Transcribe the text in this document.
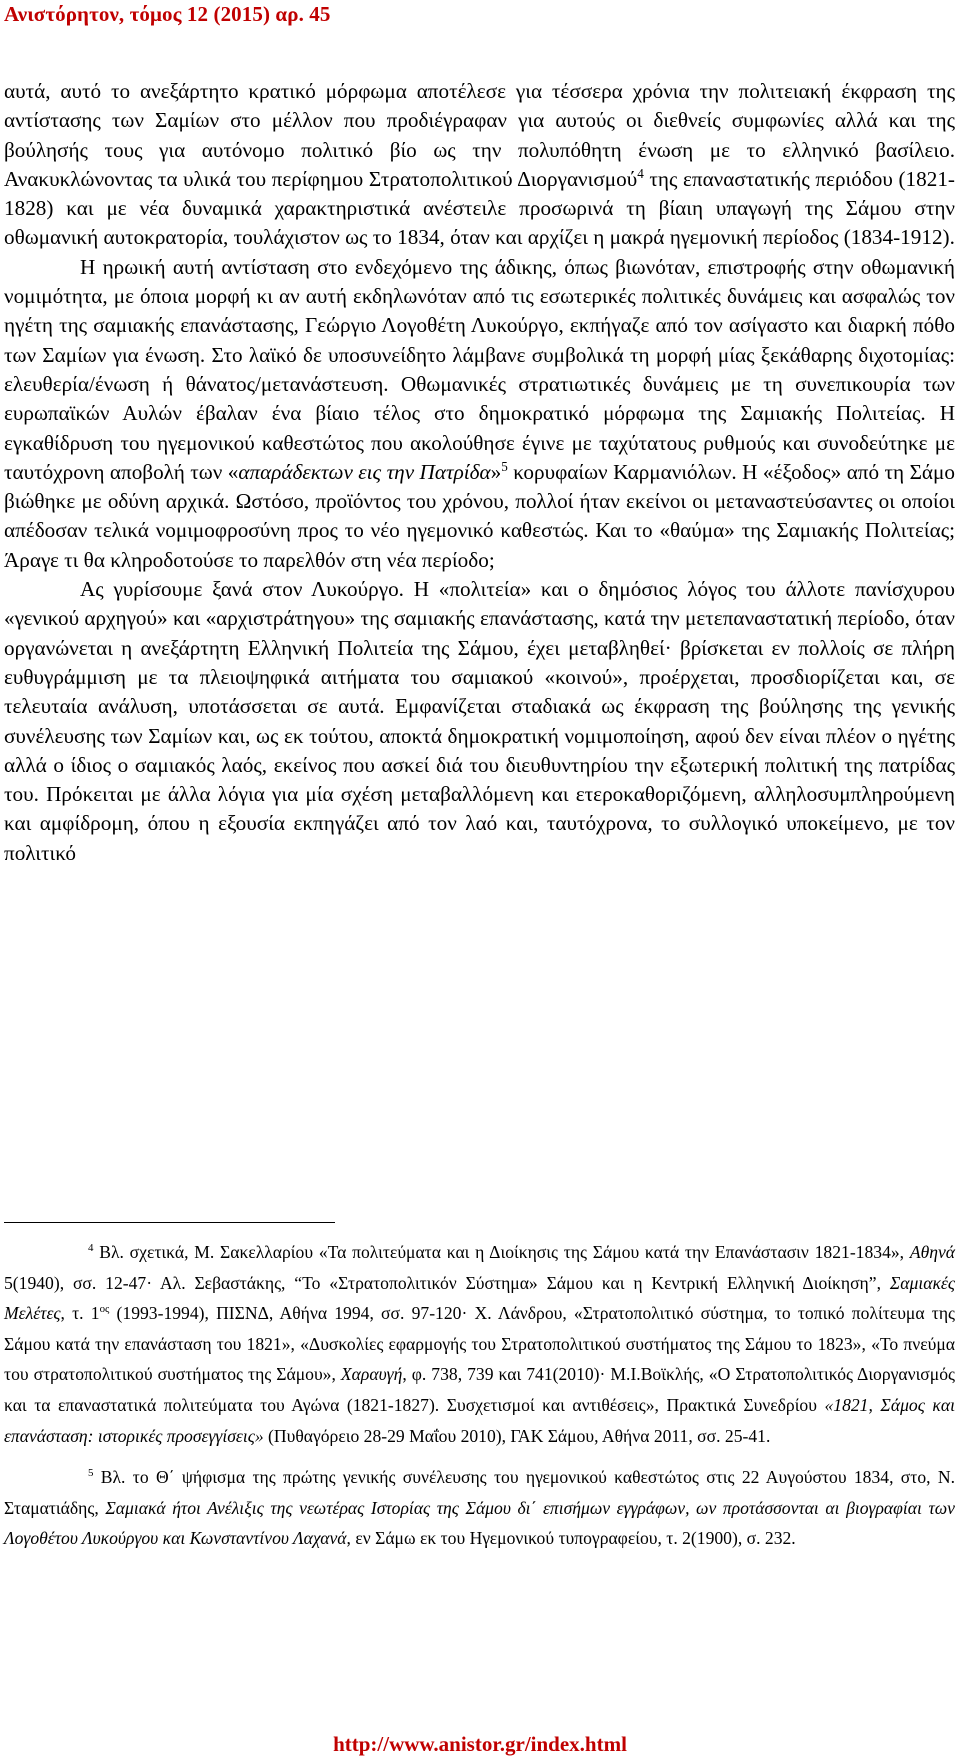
Ανιστόρητον, τόμος 12 (2015) αρ. 45

αυτά, αυτό το ανεξάρτητο κρατικό μόρφωμα αποτέλεσε για τέσσερα χρόνια την πολιτειακή έκφραση της αντίστασης των Σαμίων στο μέλλον που προδιέγραφαν για αυτούς οι διεθνείς συμφωνίες αλλά και της βούλησής τους για αυτόνομο πολιτικό βίο ως την πολυπόθητη ένωση με το ελληνικό βασίλειο. Ανακυκλώνοντας τα υλικά του περίφημου Στρατοπολιτικού Διοργανισμού$^4$ της επαναστατικής περιόδου (1821-1828) και με νέα δυναμικά χαρακτηριστικά ανέστειλε προσωρινά τη βίαιη υπαγωγή της Σάμου στην οθωμανική αυτοκρατορία, τουλάχιστον ως το 1834, όταν και αρχίζει η μακρά ηγεμονική περίοδος (1834-1912).

Η ηρωική αυτή αντίσταση στο ενδεχόμενο της άδικης, όπως βιωνόταν, επιστροφής στην οθωμανική νομιμότητα, με όποια μορφή κι αν αυτή εκδηλωνόταν από τις εσωτερικές πολιτικές δυνάμεις και ασφαλώς τον ηγέτη της σαμιακής επανάστασης, Γεώργιο Λογοθέτη Λυκούργο, εκπήγαζε από τον ασίγαστο και διαρκή πόθο των Σαμίων για ένωση. Στο λαϊκό δε υποσυνείδητο λάμβανε συμβολικά τη μορφή μίας ξεκάθαρης διχοτομίας: ελευθερία/ένωση ή θάνατος/μετανάστευση. Οθωμανικές στρατιωτικές δυνάμεις με τη συνεπικουρία των ευρωπαϊκών Αυλών έβαλαν ένα βίαιο τέλος στο δημοκρατικό μόρφωμα της Σαμιακής Πολιτείας. Η εγκαθίδρυση του ηγεμονικού καθεστώτος που ακολούθησε έγινε με ταχύτατους ρυθμούς και συνοδεύτηκε με ταυτόχρονη αποβολή των «απαράδεκτων εις την Πατρίδα»$^5$ κορυφαίων Καρμανιόλων. Η «έξοδος» από τη Σάμο βιώθηκε με οδύνη αρχικά. Ωστόσο, προϊόντος του χρόνου, πολλοί ήταν εκείνοι οι μεταναστεύσαντες οι οποίοι απέδοσαν τελικά νομιμοφροσύνη προς το νέο ηγεμονικό καθεστώς. Και το «θαύμα» της Σαμιακής Πολιτείας; Άραγε τι θα κληροδοτούσε το παρελθόν στη νέα περίοδο;

Ας γυρίσουμε ξανά στον Λυκούργο. Η «πολιτεία» και ο δημόσιος λόγος του άλλοτε πανίσχυρου «γενικού αρχηγού» και «αρχιστράτηγου» της σαμιακής επανάστασης, κατά την μετεπαναστατική περίοδο, όταν οργανώνεται η ανεξάρτητη Ελληνική Πολιτεία της Σάμου, έχει μεταβληθεί· βρίσκεται εν πολλοίς σε πλήρη ευθυγράμμιση με τα πλειοψηφικά αιτήματα του σαμιακού «κοινού», προέρχεται, προσδιορίζεται και, σε τελευταία ανάλυση, υποτάσσεται σε αυτά. Εμφανίζεται σταδιακά ως έκφραση της βούλησης της γενικής συνέλευσης των Σαμίων και, ως εκ τούτου, αποκτά δημοκρατική νομιμοποίηση, αφού δεν είναι πλέον ο ηγέτης αλλά ο ίδιος ο σαμιακός λαός, εκείνος που ασκεί διά του διευθυντηρίου την εξωτερική πολιτική της πατρίδας του. Πρόκειται με άλλα λόγια για μία σχέση μεταβαλλόμενη και ετεροκαθοριζόμενη, αλληλοσυμπληρούμενη και αμφίδρομη, όπου η εξουσία εκπηγάζει από τον λαό και, ταυτόχρονα, το συλλογικό υποκείμενο, με τον πολιτικό

$^4$ Βλ. σχετικά, Μ. Σακελλαρίου «Τα πολιτεύματα και η Διοίκησις της Σάμου κατά την Επανάστασιν 1821-1834», Αθηνά 5(1940), σσ. 12-47· Αλ. Σεβαστάκης, “Το «Στρατοπολιτικόν Σύστημα» Σάμου και η Κεντρική Ελληνική Διοίκηση”, Σαμιακές Μελέτες, τ. $1^{o\varsigma}$ (1993-1994), ΠΙΣΝΔ, Αθήνα 1994, σσ. 97-120· Χ. Λάνδρου, «Στρατοπολιτικό σύστημα, το τοπικό πολίτευμα της Σάμου κατά την επανάσταση του 1821», «Δυσκολίες εφαρμογής του Στρατοπολιτικού συστήματος της Σάμου το 1823», «Το πνεύμα του στρατοπολιτικού συστήματος της Σάμου», Χαραυγή, φ. 738, 739 και 741(2010)· Μ.Ι.Βοϊκλής, «Ο Στρατοπολιτικός Διοργανισμός και τα επαναστατικά πολιτεύματα του Αγώνα (1821-1827). Συσχετισμοί και αντιθέσεις», Πρακτικά Συνεδρίου «1821, Σάμος και επανάσταση: ιστορικές προσεγγίσεις» (Πυθαγόρειο 28-29 Μαΐου 2010), ΓΑΚ Σάμου, Αθήνα 2011, σσ. 25-41.

$^5$ Βλ. το Θ΄ ψήφισμα της πρώτης γενικής συνέλευσης του ηγεμονικού καθεστώτος στις 22 Αυγούστου 1834, στο, Ν. Σταματιάδης, Σαμιακά ήτοι Ανέλιξις της νεωτέρας Ιστορίας της Σάμου δι΄ επισήμων εγγράφων, ων προτάσσονται αι βιογραφίαι των Λογοθέτου Λυκούργου και Κωνσταντίνου Λαχανά, εν Σάμω εκ του Ηγεμονικού τυπογραφείου, τ. 2(1900), σ. 232.

http://www.anistor.gr/index.html
